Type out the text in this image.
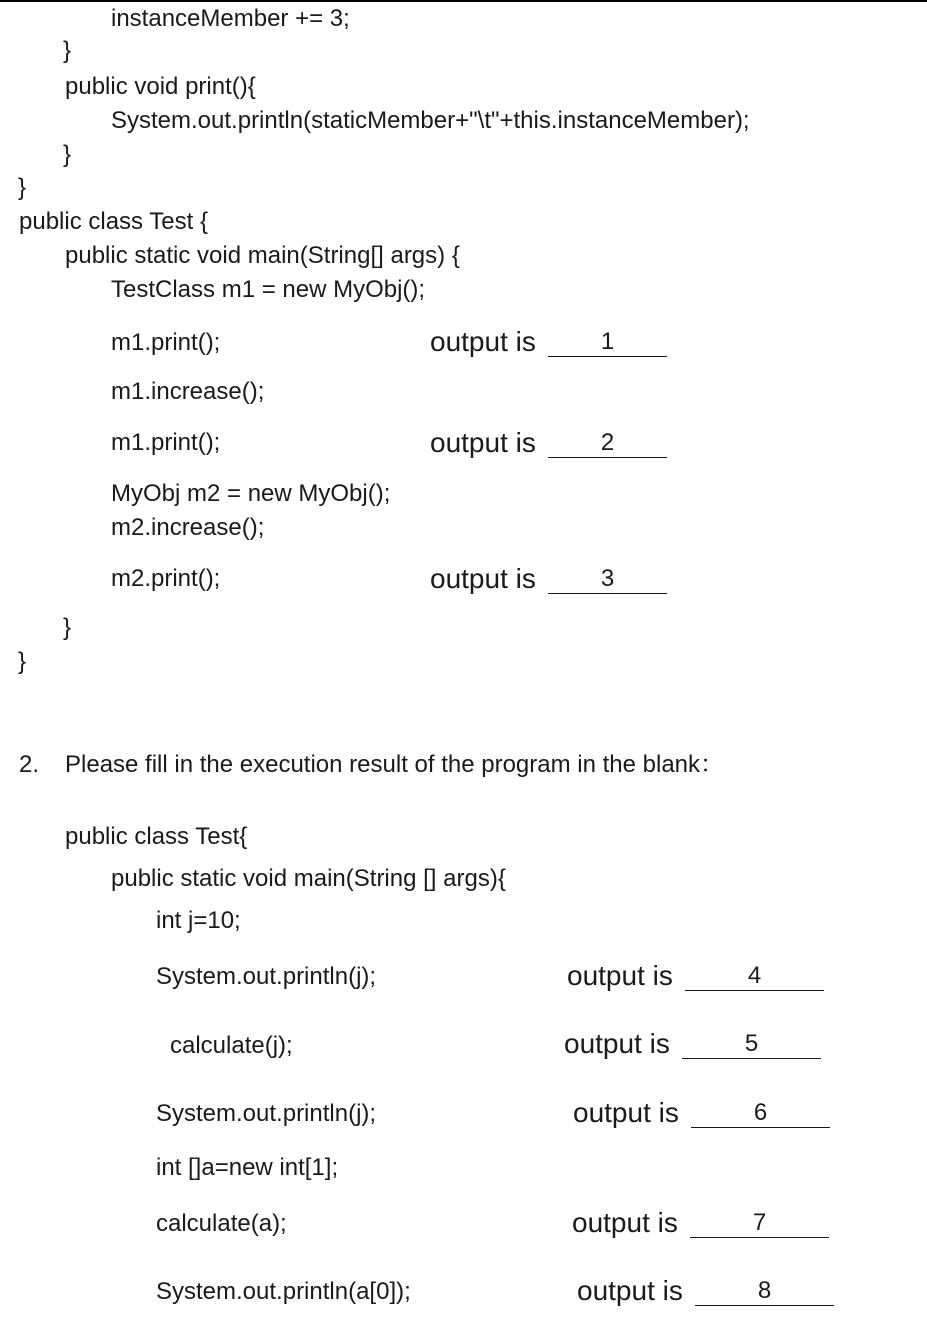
instanceMember += 3;
}
public void print(){
System.out.println(staticMember+"\t"+this.instanceMember);
}
}
public class Test {
public static void main(String[] args) {
TestClass m1 = new MyObj();
m1.print();	output is	1
m1.increase();
m1.print();	output is	2
MyObj m2 = new MyObj();
m2.increase();
m2.print();	output is	3
}
}
2. Please fill in the execution result of the program in the blank：
public class Test{
public static void main(String [] args){
int j=10;
System.out.println(j);	output is	4
calculate(j);	output is	5
System.out.println(j);	output is	6
int []a=new int[1];
calculate(a);	output is	7
System.out.println(a[0]);	output is	8
